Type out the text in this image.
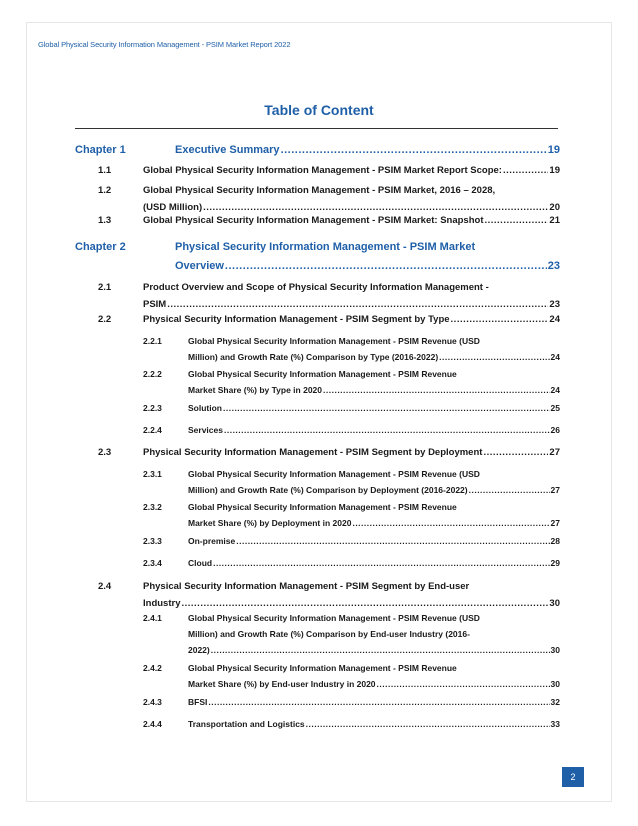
Global Physical Security Information Management - PSIM Market Report 2022
Table of Content
Chapter 1	Executive Summary .....	19
1.1	Global Physical Security Information Management - PSIM Market Report Scope: .....	19
1.2	Global Physical Security Information Management - PSIM Market, 2016 – 2028,
(USD Million) .....	20
1.3	Global Physical Security Information Management - PSIM Market: Snapshot .....	21
Chapter 2	Physical Security Information Management - PSIM Market
Overview .....	23
2.1	Product Overview and Scope of Physical Security Information Management -
PSIM .....	23
2.2	Physical Security Information Management - PSIM Segment by Type .....	24
2.2.1	Global Physical Security Information Management - PSIM Revenue (USD
Million) and Growth Rate (%) Comparison by Type (2016-2022) .....	24
2.2.2	Global Physical Security Information Management - PSIM Revenue
Market Share (%) by Type in 2020 .....	24
2.2.3	Solution .....	25
2.2.4	Services .....	26
2.3	Physical Security Information Management - PSIM Segment by Deployment .....	27
2.3.1	Global Physical Security Information Management - PSIM Revenue (USD
Million) and Growth Rate (%) Comparison by Deployment (2016-2022) .....	27
2.3.2	Global Physical Security Information Management - PSIM Revenue
Market Share (%) by Deployment in 2020 .....	27
2.3.3	On-premise .....	28
2.3.4	Cloud .....	29
2.4	Physical Security Information Management - PSIM Segment by End-user
Industry .....	30
2.4.1	Global Physical Security Information Management - PSIM Revenue (USD
Million) and Growth Rate (%) Comparison by End-user Industry (2016-
2022) .....	30
2.4.2	Global Physical Security Information Management - PSIM Revenue
Market Share (%) by End-user Industry in 2020 .....	30
2.4.3	BFSI .....	32
2.4.4	Transportation and Logistics .....	33
2
